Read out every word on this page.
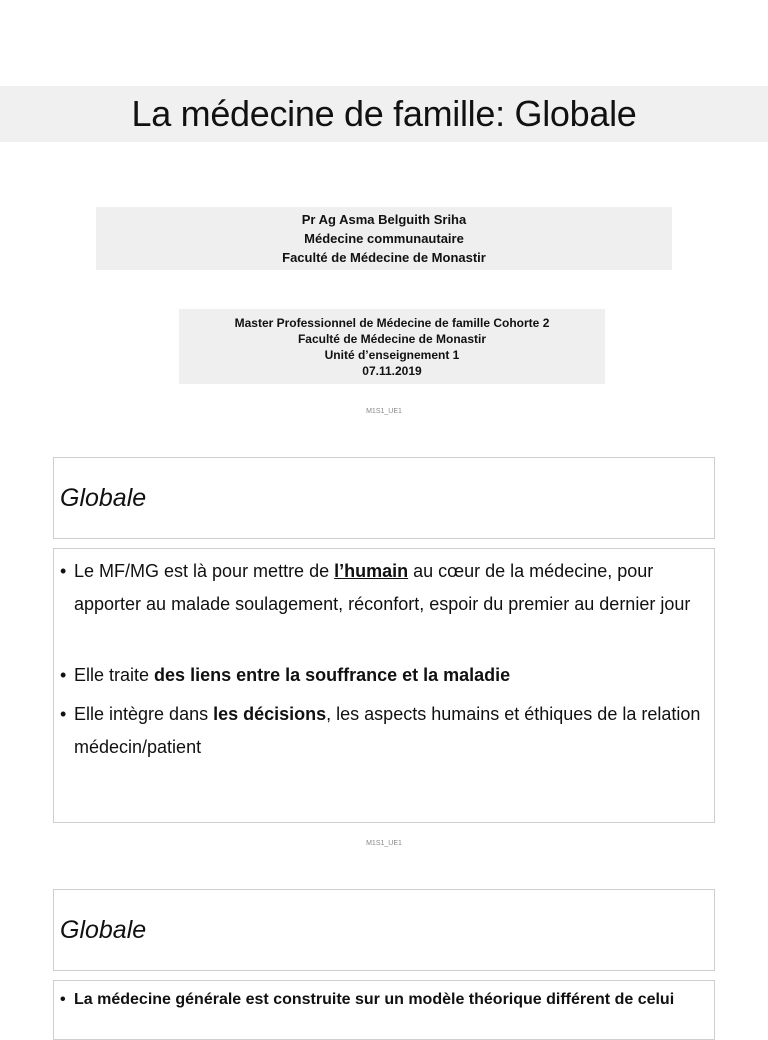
La médecine de famille: Globale
Pr Ag Asma Belguith Sriha
Médecine communautaire
Faculté de Médecine de Monastir
Master Professionnel de Médecine de famille Cohorte 2
Faculté de Médecine de Monastir
Unité d’enseignement 1
07.11.2019
M1S1_UE1
Globale
• Le MF/MG est là pour mettre de l’humain au cœur de la médecine, pour apporter au malade soulagement, réconfort, espoir du premier au dernier jour
• Elle traite des liens entre la souffrance et la maladie
• Elle intègre dans les décisions, les aspects humains et éthiques de la relation médecin/patient
M1S1_UE1
Globale
• La médecine générale est construite sur un modèle théorique différent de celui
